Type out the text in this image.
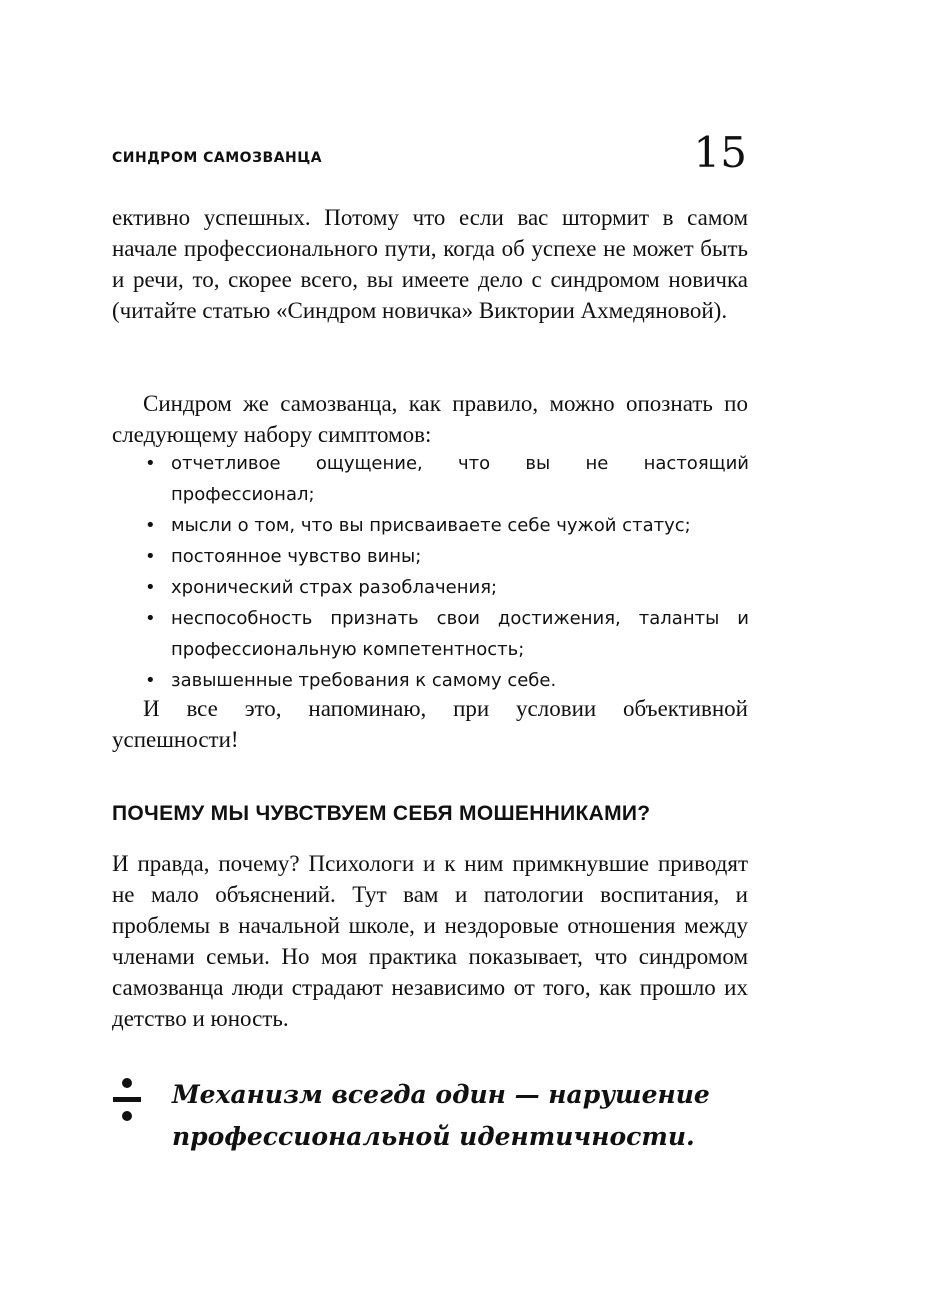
СИНДРОМ САМОЗВАНЦА	15

ективно успешных. Потому что если вас штормит в самом начале профессионального пути, когда об успехе не может быть и речи, то, скорее всего, вы имеете дело с синдромом новичка (читайте статью «Синдром новичка» Виктории Ахмедяновой).

Синдром же самозванца, как правило, можно опознать по следующему набору симптомов:

• отчетливое ощущение, что вы не настоящий профессионал;
• мысли о том, что вы присваиваете себе чужой статус;
• постоянное чувство вины;
• хронический страх разоблачения;
• неспособность признать свои достижения, таланты и профессиональную компетентность;
• завышенные требования к самому себе.

И все это, напоминаю, при условии объективной успешности!

ПОЧЕМУ МЫ ЧУВСТВУЕМ СЕБЯ МОШЕННИКАМИ?

И правда, почему? Психологи и к ним примкнувшие приводят не мало объяснений. Тут вам и патологии воспитания, и проблемы в начальной школе, и нездоровые отношения между членами семьи. Но моя практика показывает, что синдромом самозванца люди страдают независимо от того, как прошло их детство и юность.

Механизм всегда один — нарушение профессиональной идентичности.
